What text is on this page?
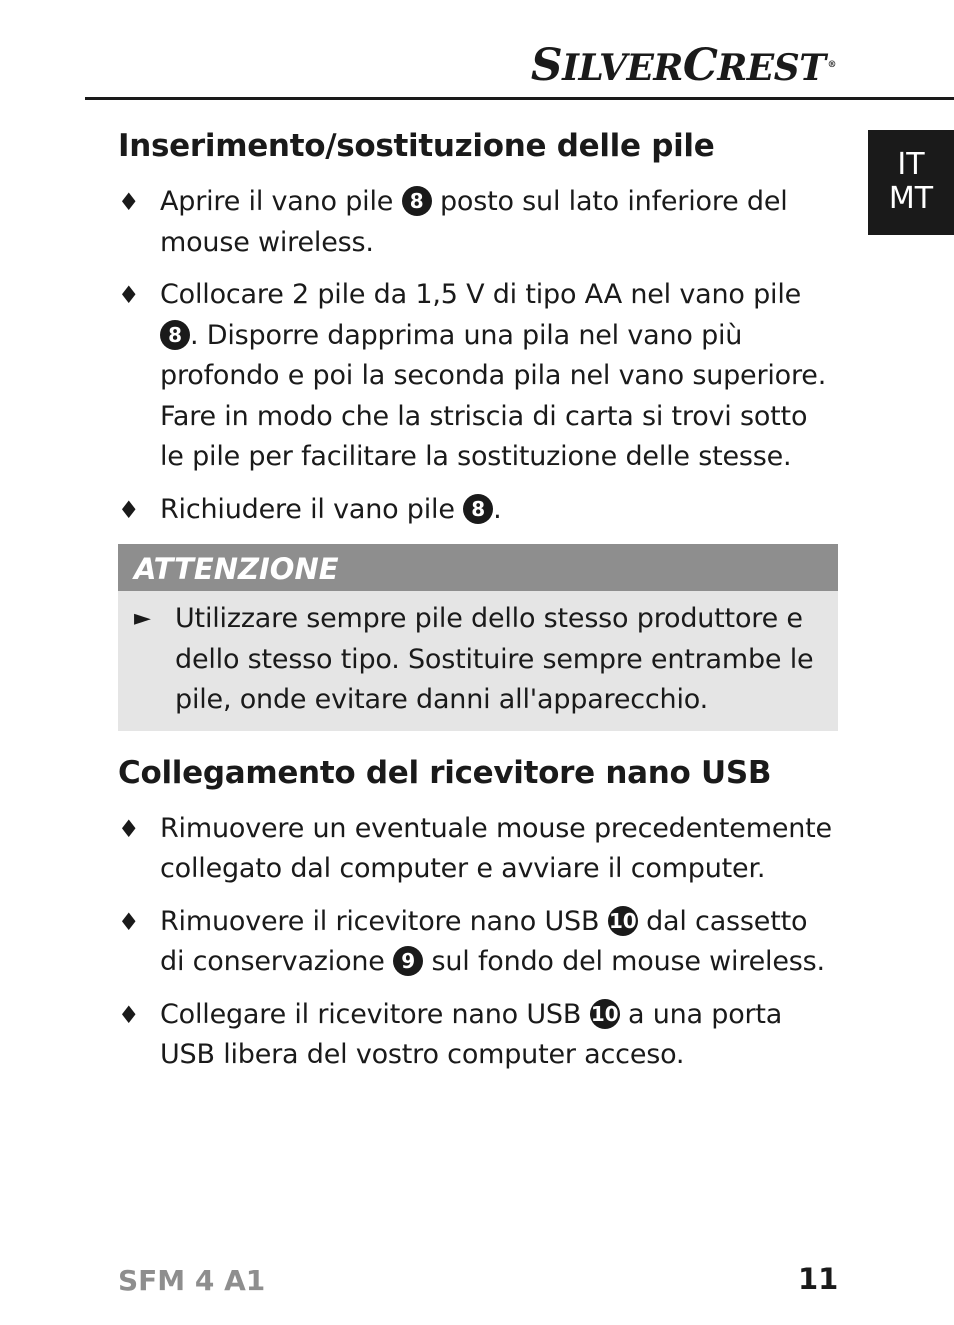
SILVERCREST ®
IT
MT
Inserimento/sostituzione delle pile
♦ Aprire il vano pile 8 posto sul lato inferiore del mouse wireless.
♦ Collocare 2 pile da 1,5 V di tipo AA nel vano pile 8 . Disporre dapprima una pila nel vano più profondo e poi la seconda pila nel vano superiore. Fare in modo che la striscia di carta si trovi sotto le pile per facilitare la sostituzione delle stesse.
♦ Richiudere il vano pile 8 .
ATTENZIONE
► Utilizzare sempre pile dello stesso produttore e dello stesso tipo. Sostituire sempre entrambe le pile, onde evitare danni all'apparecchio.
Collegamento del ricevitore nano USB
♦ Rimuovere un eventuale mouse precedentemente collegato dal computer e avviare il computer.
♦ Rimuovere il ricevitore nano USB 10 dal cassetto di conservazione 9 sul fondo del mouse wireless.
♦ Collegare il ricevitore nano USB 10 a una porta USB libera del vostro computer acceso.
SFM 4 A1	11
